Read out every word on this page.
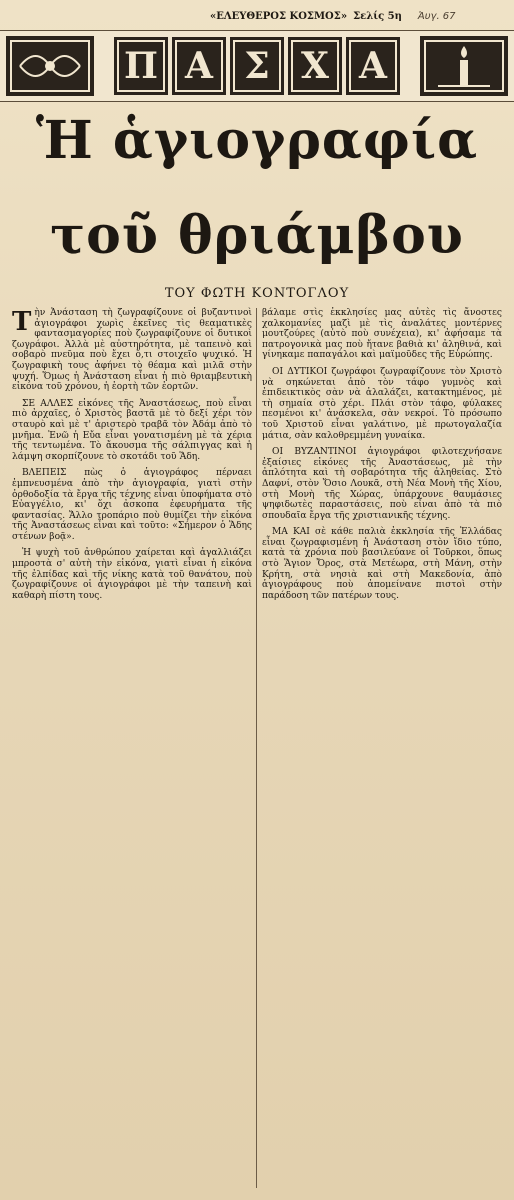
«ΕΛΕΥΘΕΡΟΣ ΚΟΣΜΟΣ» Σελίς 5η Ἀυγ. 67
Π Α Σ Χ Α
Ἡ ἁγιογραφία
τοῦ θριάμβου
ΤΟΥ ΦΩΤΗ ΚΟΝΤΟΓΛΟΥ

Τὴν Ἀνάσταση τὴ ζωγραφίζουνε οἱ βυζαντινοὶ ἁγιογράφοι χωρὶς ἐκεῖνες τὶς θεαματικὲς φαντασμαγορίες ποὺ ζωγραφίζουνε οἱ δυτικοὶ ζωγράφοι. Ἀλλὰ μὲ αὐστηρότητα, μὲ ταπεινὸ καὶ σοβαρὸ πνεῦμα ποὺ ἔχει ὅ,τι στοιχεῖο ψυχικό. Ἡ ζωγραφικὴ τους ἀφήνει τὸ θέαμα καὶ μιλᾶ στὴν ψυχή. Ὅμως ἡ Ἀνάσταση εἶναι ἡ πιὸ θριαμβευτικὴ εἰκόνα τοῦ χρόνου, ἡ ἑορτὴ τῶν ἑορτῶν.

ΣΕ ΑΛΛΕΣ εἰκόνες τῆς Ἀναστάσεως, ποὺ εἶναι πιὸ ἀρχαῖες, ὁ Χριστὸς βαστᾶ μὲ τὸ δεξί χέρι τὸν σταυρὸ καὶ μὲ τ' ἀριστερὸ τραβᾶ τὸν Ἀδάμ ἀπὸ τὸ μνῆμα. Ἐνῶ ἡ Εὔα εἶναι γονατισμένη μὲ τὰ χέρια τῆς τεντωμένα. Τὸ ἄκουσμα τῆς σάλπιγγας καὶ ἡ λάμψη σκορπίζουνε τὸ σκοτάδι τοῦ Ἅδη.

ΒΛΕΠΕΙΣ πὼς ὁ ἁγιογράφος πέρναει ἐμπνευσμένα ἀπὸ τὴν ἁγιογραφία, γιατὶ στὴν ὀρθοδοξία τὰ ἔργα τῆς τέχνης εἶναι ὑποφήματα στὸ Εὐαγγέλιο, κι' ὅχι ἀσκοπα ἐφευρήματα τῆς φαντασίας. Ἄλλο τροπάριο ποὺ θυμίζει τὴν εἰκόνα τῆς Ἀναστάσεως εἶναι καὶ τοῦτο: «Σήμερον ὁ Ἅδης στένων βοᾷ».

Ἡ ψυχὴ τοῦ ἀνθρώπου χαίρεται καὶ ἀγαλλιάζει μπροστὰ σ' αὐτὴ τὴν εἰκόνα, γιατὶ εἶναι ἡ εἰκόνα τῆς ἐλπίδας καὶ τῆς νίκης κατὰ τοῦ θανάτου, ποὺ ζωγραφίζουνε οἱ ἁγιογράφοι μὲ τὴν ταπεινὴ καὶ καθαρὴ πίστη τους.

βάλαμε στὶς ἐκκλησίες μας αὐτὲς τὶς ἄνοστες χαλκομανίες μαζὶ μὲ τὶς ἀναλάτες μοντέρνες μουτζούρες (αὐτὸ ποὺ συνέχεια), κι' ἀφήσαμε τὰ πατρογονικὰ μας ποὺ ἤτανε βαθιὰ κι' ἀληθινά, καὶ γίνηκαμε παπαγάλοι καὶ μαϊμοῦδες τῆς Εὐρώπης.

ΟΙ ΔΥΤΙΚΟΙ ζωγράφοι ζωγραφίζουνε τὸν Χριστὸ νὰ σηκώνεται ἀπὸ τὸν τάφο γυμνὸς καὶ ἐπιδεικτικὸς σὰν νὰ ἀλαλάζει, κατακτημένος, μὲ τὴ σημαία στὸ χέρι. Πλάι στὸν τάφο, φύλακες πεσμένοι κι' ἀνάσκελα, σὰν νεκροί. Τὸ πρόσωπο τοῦ Χριστοῦ εἶναι γαλάτινο, μὲ πρωτογαλαζία μάτια, σὰν καλοθρεμμένη γυναίκα.

ΟΙ ΒΥΖΑΝΤΙΝΟΙ ἁγιογράφοι φιλοτεχνήσανε ἐξαίσιες εἰκόνες τῆς Ἀναστάσεως, μὲ τὴν ἀπλότητα καὶ τὴ σοβαρότητα τῆς ἀληθείας. Στὸ Δαφνί, στὸν Ὅσιο Λουκᾶ, στὴ Νέα Μονὴ τῆς Χίου, στὴ Μονὴ τῆς Χώρας, ὑπάρχουνε θαυμάσιες ψηφιδωτὲς παραστάσεις, ποὺ εἶναι ἀπὸ τὰ πιὸ σπουδαῖα ἔργα τῆς χριστιανικῆς τέχνης.

ΜΑ ΚΑΙ σὲ κάθε παλιὰ ἐκκλησία τῆς Ἑλλάδας εἶναι ζωγραφισμένη ἡ Ἀνάσταση στὸν ἴδιο τύπο, κατὰ τὰ χρόνια ποὺ βασιλεύανε οἱ Τοῦρκοι, ὅπως στὸ Ἅγιον Ὄρος, στὰ Μετέωρα, στὴ Μάνη, στὴν Κρήτη, στὰ νησιὰ καὶ στὴ Μακεδονία, ἀπὸ ἁγιογράφους ποὺ ἀπομείνανε πιστοὶ στὴν παράδοση τῶν πατέρων τους.
